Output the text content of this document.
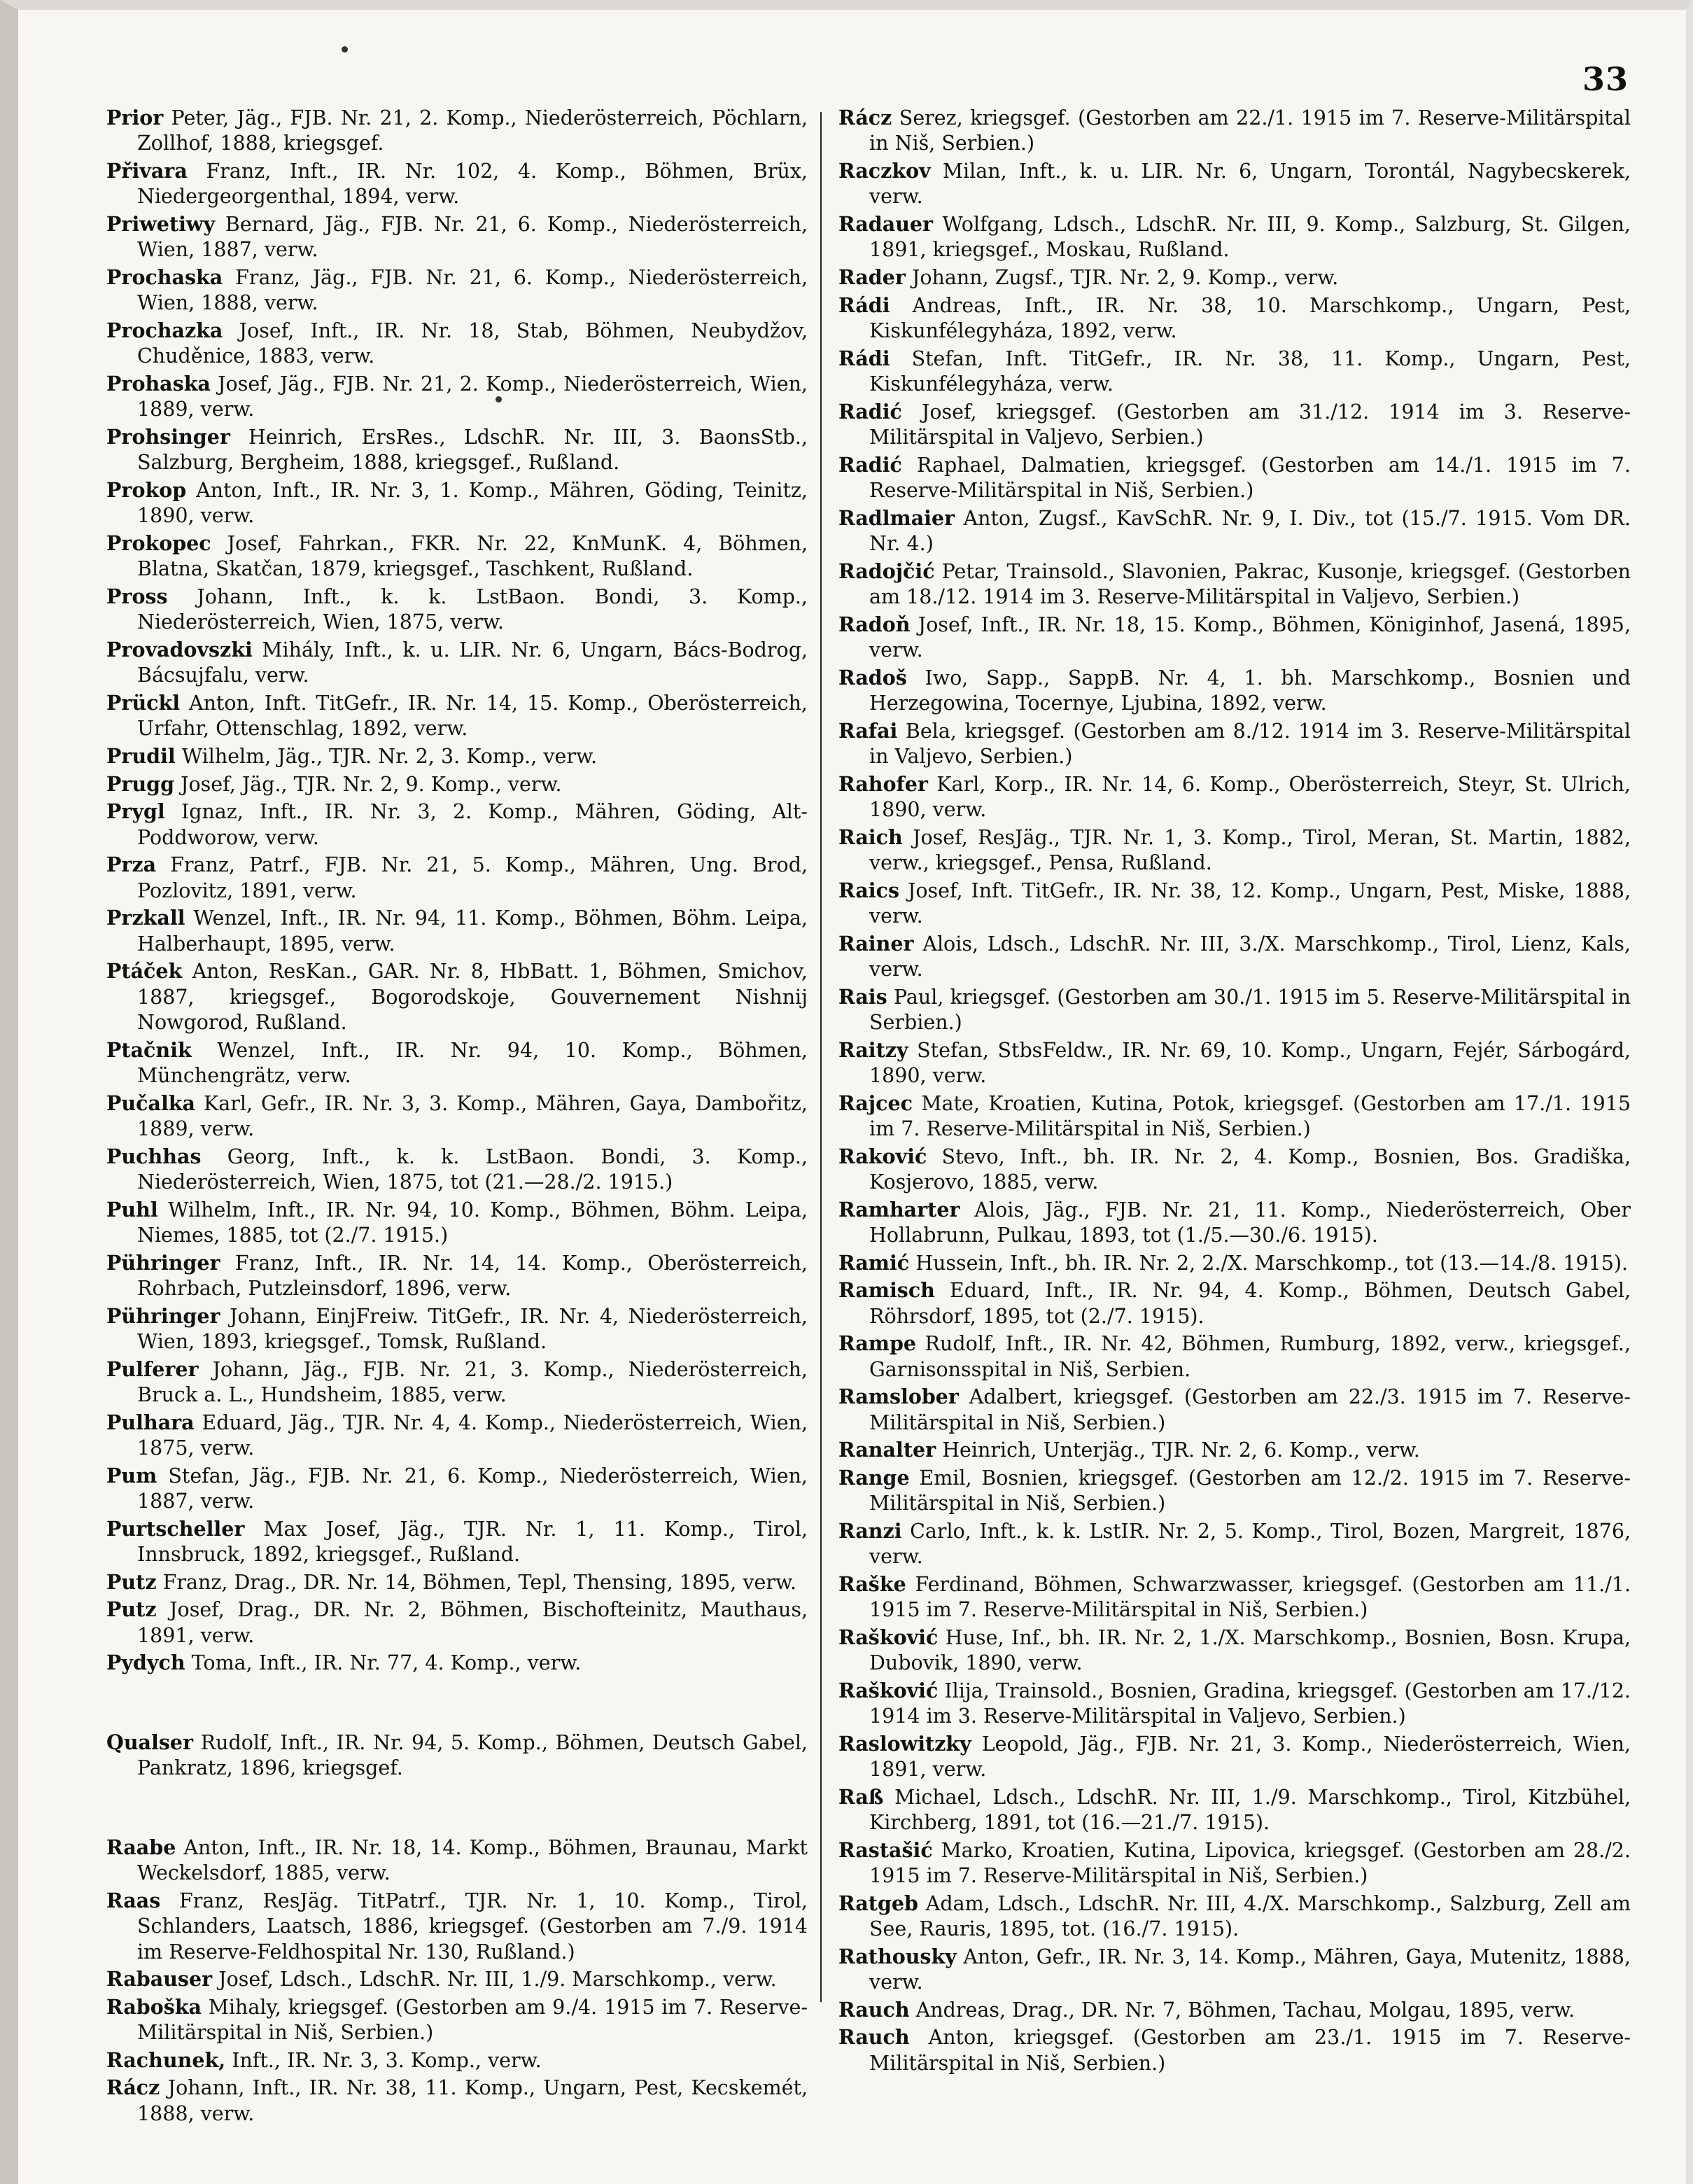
33

Prior Peter, Jäg., FJB. Nr. 21, 2. Komp., Niederösterreich, Pöchlarn, Zollhof, 1888, kriegsgef.

Přivara Franz, Inft., IR. Nr. 102, 4. Komp., Böhmen, Brüx, Niedergeorgenthal, 1894, verw.

Priwetiwy Bernard, Jäg., FJB. Nr. 21, 6. Komp., Niederösterreich, Wien, 1887, verw.

Prochaska Franz, Jäg., FJB. Nr. 21, 6. Komp., Niederösterreich, Wien, 1888, verw.

Prochazka Josef, Inft., IR. Nr. 18, Stab, Böhmen, Neubydžov, Chuděnice, 1883, verw.

Prohaska Josef, Jäg., FJB. Nr. 21, 2. Komp., Niederösterreich, Wien, 1889, verw.

Prohsinger Heinrich, ErsRes., LdschR. Nr. III, 3. BaonsStb., Salzburg, Bergheim, 1888, kriegsgef., Rußland.

Prokop Anton, Inft., IR. Nr. 3, 1. Komp., Mähren, Göding, Teinitz, 1890, verw.

Prokopec Josef, Fahrkan., FKR. Nr. 22, KnMunK. 4, Böhmen, Blatna, Skatčan, 1879, kriegsgef., Taschkent, Rußland.

Pross Johann, Inft., k. k. LstBaon. Bondi, 3. Komp., Niederösterreich, Wien, 1875, verw.

Provadovszki Mihály, Inft., k. u. LIR. Nr. 6, Ungarn, Bács-Bodrog, Bácsujfalu, verw.

Prückl Anton, Inft. TitGefr., IR. Nr. 14, 15. Komp., Oberösterreich, Urfahr, Ottenschlag, 1892, verw.

Prudil Wilhelm, Jäg., TJR. Nr. 2, 3. Komp., verw.

Prugg Josef, Jäg., TJR. Nr. 2, 9. Komp., verw.

Prygl Ignaz, Inft., IR. Nr. 3, 2. Komp., Mähren, Göding, Alt-Poddworow, verw.

Prza Franz, Patrf., FJB. Nr. 21, 5. Komp., Mähren, Ung. Brod, Pozlovitz, 1891, verw.

Przkall Wenzel, Inft., IR. Nr. 94, 11. Komp., Böhmen, Böhm. Leipa, Halberhaupt, 1895, verw.

Ptáček Anton, ResKan., GAR. Nr. 8, HbBatt. 1, Böhmen, Smichov, 1887, kriegsgef., Bogorodskoje, Gouvernement Nishnij Nowgorod, Rußland.

Ptačnik Wenzel, Inft., IR. Nr. 94, 10. Komp., Böhmen, Münchengrätz, verw.

Pučalka Karl, Gefr., IR. Nr. 3, 3. Komp., Mähren, Gaya, Dambořitz, 1889, verw.

Puchhas Georg, Inft., k. k. LstBaon. Bondi, 3. Komp., Niederösterreich, Wien, 1875, tot (21.—28./2. 1915.)

Puhl Wilhelm, Inft., IR. Nr. 94, 10. Komp., Böhmen, Böhm. Leipa, Niemes, 1885, tot (2./7. 1915.)

Pühringer Franz, Inft., IR. Nr. 14, 14. Komp., Oberösterreich, Rohrbach, Putzleinsdorf, 1896, verw.

Pühringer Johann, EinjFreiw. TitGefr., IR. Nr. 4, Niederösterreich, Wien, 1893, kriegsgef., Tomsk, Rußland.

Pulferer Johann, Jäg., FJB. Nr. 21, 3. Komp., Niederösterreich, Bruck a. L., Hundsheim, 1885, verw.

Pulhara Eduard, Jäg., TJR. Nr. 4, 4. Komp., Niederösterreich, Wien, 1875, verw.

Pum Stefan, Jäg., FJB. Nr. 21, 6. Komp., Niederösterreich, Wien, 1887, verw.

Purtscheller Max Josef, Jäg., TJR. Nr. 1, 11. Komp., Tirol, Innsbruck, 1892, kriegsgef., Rußland.

Putz Franz, Drag., DR. Nr. 14, Böhmen, Tepl, Thensing, 1895, verw.

Putz Josef, Drag., DR. Nr. 2, Böhmen, Bischofteinitz, Mauthaus, 1891, verw.

Pydych Toma, Inft., IR. Nr. 77, 4. Komp., verw.

Qualser Rudolf, Inft., IR. Nr. 94, 5. Komp., Böhmen, Deutsch Gabel, Pankratz, 1896, kriegsgef.

Raabe Anton, Inft., IR. Nr. 18, 14. Komp., Böhmen, Braunau, Markt Weckelsdorf, 1885, verw.

Raas Franz, ResJäg. TitPatrf., TJR. Nr. 1, 10. Komp., Tirol, Schlanders, Laatsch, 1886, kriegsgef. (Gestorben am 7./9. 1914 im Reserve-Feldhospital Nr. 130, Rußland.)

Rabauser Josef, Ldsch., LdschR. Nr. III, 1./9. Marschkomp., verw.

Raboška Mihaly, kriegsgef. (Gestorben am 9./4. 1915 im 7. Reserve-Militärspital in Niš, Serbien.)

Rachunek, Inft., IR. Nr. 3, 3. Komp., verw.

Rácz Johann, Inft., IR. Nr. 38, 11. Komp., Ungarn, Pest, Kecskemét, 1888, verw.

Rácz Serez, kriegsgef. (Gestorben am 22./1. 1915 im 7. Reserve-Militärspital in Niš, Serbien.)

Raczkov Milan, Inft., k. u. LIR. Nr. 6, Ungarn, Torontál, Nagybecskerek, verw.

Radauer Wolfgang, Ldsch., LdschR. Nr. III, 9. Komp., Salzburg, St. Gilgen, 1891, kriegsgef., Moskau, Rußland.

Rader Johann, Zugsf., TJR. Nr. 2, 9. Komp., verw.

Rádi Andreas, Inft., IR. Nr. 38, 10. Marschkomp., Ungarn, Pest, Kiskunfélegyháza, 1892, verw.

Rádi Stefan, Inft. TitGefr., IR. Nr. 38, 11. Komp., Ungarn, Pest, Kiskunfélegyháza, verw.

Radić Josef, kriegsgef. (Gestorben am 31./12. 1914 im 3. Reserve-Militärspital in Valjevo, Serbien.)

Radić Raphael, Dalmatien, kriegsgef. (Gestorben am 14./1. 1915 im 7. Reserve-Militärspital in Niš, Serbien.)

Radlmaier Anton, Zugsf., KavSchR. Nr. 9, I. Div., tot (15./7. 1915. Vom DR. Nr. 4.)

Radojčić Petar, Trainsold., Slavonien, Pakrac, Kusonje, kriegsgef. (Gestorben am 18./12. 1914 im 3. Reserve-Militärspital in Valjevo, Serbien.)

Radoň Josef, Inft., IR. Nr. 18, 15. Komp., Böhmen, Königinhof, Jasená, 1895, verw.

Radoš Iwo, Sapp., SappB. Nr. 4, 1. bh. Marschkomp., Bosnien und Herzegowina, Tocernye, Ljubina, 1892, verw.

Rafai Bela, kriegsgef. (Gestorben am 8./12. 1914 im 3. Reserve-Militärspital in Valjevo, Serbien.)

Rahofer Karl, Korp., IR. Nr. 14, 6. Komp., Oberösterreich, Steyr, St. Ulrich, 1890, verw.

Raich Josef, ResJäg., TJR. Nr. 1, 3. Komp., Tirol, Meran, St. Martin, 1882, verw., kriegsgef., Pensa, Rußland.

Raics Josef, Inft. TitGefr., IR. Nr. 38, 12. Komp., Ungarn, Pest, Miske, 1888, verw.

Rainer Alois, Ldsch., LdschR. Nr. III, 3./X. Marschkomp., Tirol, Lienz, Kals, verw.

Rais Paul, kriegsgef. (Gestorben am 30./1. 1915 im 5. Reserve-Militärspital in Serbien.)

Raitzy Stefan, StbsFeldw., IR. Nr. 69, 10. Komp., Ungarn, Fejér, Sárbogárd, 1890, verw.

Rajcec Mate, Kroatien, Kutina, Potok, kriegsgef. (Gestorben am 17./1. 1915 im 7. Reserve-Militärspital in Niš, Serbien.)

Raković Stevo, Inft., bh. IR. Nr. 2, 4. Komp., Bosnien, Bos. Gradiška, Kosjerovo, 1885, verw.

Ramharter Alois, Jäg., FJB. Nr. 21, 11. Komp., Niederösterreich, Ober Hollabrunn, Pulkau, 1893, tot (1./5.—30./6. 1915).

Ramić Hussein, Inft., bh. IR. Nr. 2, 2./X. Marschkomp., tot (13.—14./8. 1915).

Ramisch Eduard, Inft., IR. Nr. 94, 4. Komp., Böhmen, Deutsch Gabel, Röhrsdorf, 1895, tot (2./7. 1915).

Rampe Rudolf, Inft., IR. Nr. 42, Böhmen, Rumburg, 1892, verw., kriegsgef., Garnisonsspital in Niš, Serbien.

Ramslober Adalbert, kriegsgef. (Gestorben am 22./3. 1915 im 7. Reserve-Militärspital in Niš, Serbien.)

Ranalter Heinrich, Unterjäg., TJR. Nr. 2, 6. Komp., verw.

Range Emil, Bosnien, kriegsgef. (Gestorben am 12./2. 1915 im 7. Reserve-Militärspital in Niš, Serbien.)

Ranzi Carlo, Inft., k. k. LstIR. Nr. 2, 5. Komp., Tirol, Bozen, Margreit, 1876, verw.

Raške Ferdinand, Böhmen, Schwarzwasser, kriegsgef. (Gestorben am 11./1. 1915 im 7. Reserve-Militärspital in Niš, Serbien.)

Rašković Huse, Inf., bh. IR. Nr. 2, 1./X. Marschkomp., Bosnien, Bosn. Krupa, Dubovik, 1890, verw.

Rašković Ilija, Trainsold., Bosnien, Gradina, kriegsgef. (Gestorben am 17./12. 1914 im 3. Reserve-Militärspital in Valjevo, Serbien.)

Raslowitzky Leopold, Jäg., FJB. Nr. 21, 3. Komp., Niederösterreich, Wien, 1891, verw.

Raß Michael, Ldsch., LdschR. Nr. III, 1./9. Marschkomp., Tirol, Kitzbühel, Kirchberg, 1891, tot (16.—21./7. 1915).

Rastašić Marko, Kroatien, Kutina, Lipovica, kriegsgef. (Gestorben am 28./2. 1915 im 7. Reserve-Militärspital in Niš, Serbien.)

Ratgeb Adam, Ldsch., LdschR. Nr. III, 4./X. Marschkomp., Salzburg, Zell am See, Rauris, 1895, tot. (16./7. 1915).

Rathousky Anton, Gefr., IR. Nr. 3, 14. Komp., Mähren, Gaya, Mutenitz, 1888, verw.

Rauch Andreas, Drag., DR. Nr. 7, Böhmen, Tachau, Molgau, 1895, verw.

Rauch Anton, kriegsgef. (Gestorben am 23./1. 1915 im 7. Reserve-Militärspital in Niš, Serbien.)
